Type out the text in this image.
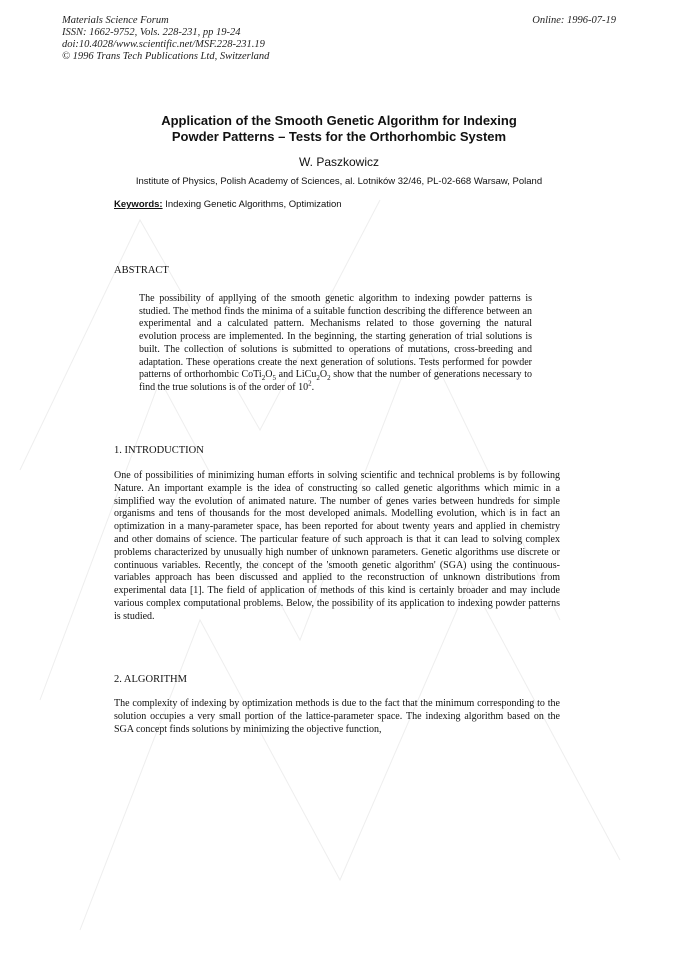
Materials Science Forum
ISSN: 1662-9752, Vols. 228-231, pp 19-24
doi:10.4028/www.scientific.net/MSF.228-231.19
© 1996 Trans Tech Publications Ltd, Switzerland
Online: 1996-07-19
Application of the Smooth Genetic Algorithm for Indexing
Powder Patterns – Tests for the Orthorhombic System
W. Paszkowicz
Institute of Physics, Polish Academy of Sciences, al. Lotników 32/46, PL-02-668 Warsaw, Poland
Keywords: Indexing Genetic Algorithms, Optimization
ABSTRACT
The possibility of appllying of the smooth genetic algorithm to indexing powder patterns is studied. The method finds the minima of a suitable function describing the difference between an experimental and a calculated pattern. Mechanisms related to those governing the natural evolution process are implemented. In the beginning, the starting generation of trial solutions is built. The collection of solutions is submitted to operations of mutations, cross-breeding and adaptation. These operations create the next generation of solutions. Tests performed for powder patterns of orthorhombic $CoTi_2O_5$ and $LiCu_2O_2$ show that the number of generations necessary to find the true solutions is of the order of $10^2$.
1. INTRODUCTION
One of possibilities of minimizing human efforts in solving scientific and technical problems is by following Nature. An important example is the idea of constructing so called genetic algorithms which mimic in a simplified way the evolution of animated nature. The number of genes varies between hundreds for simple organisms and tens of thousands for the most developed animals. Modelling evolution, which is in fact an optimization in a many-parameter space, has been reported for about twenty years and applied in chemistry and other domains of science. The particular feature of such approach is that it can lead to solving complex problems characterized by unusually high number of unknown parameters. Genetic algorithms use discrete or continuous variables. Recently, the concept of the 'smooth genetic algorithm' (SGA) using the continuous-variables approach has been discussed and applied to the reconstruction of unknown distributions from experimental data [1]. The field of application of methods of this kind is certainly broader and may include various complex computational problems. Below, the possibility of its application to indexing powder patterns is studied.
2. ALGORITHM
The complexity of indexing by optimization methods is due to the fact that the minimum corresponding to the solution occupies a very small portion of the lattice-parameter space. The indexing algorithm based on the SGA concept finds solutions by minimizing the objective function,
